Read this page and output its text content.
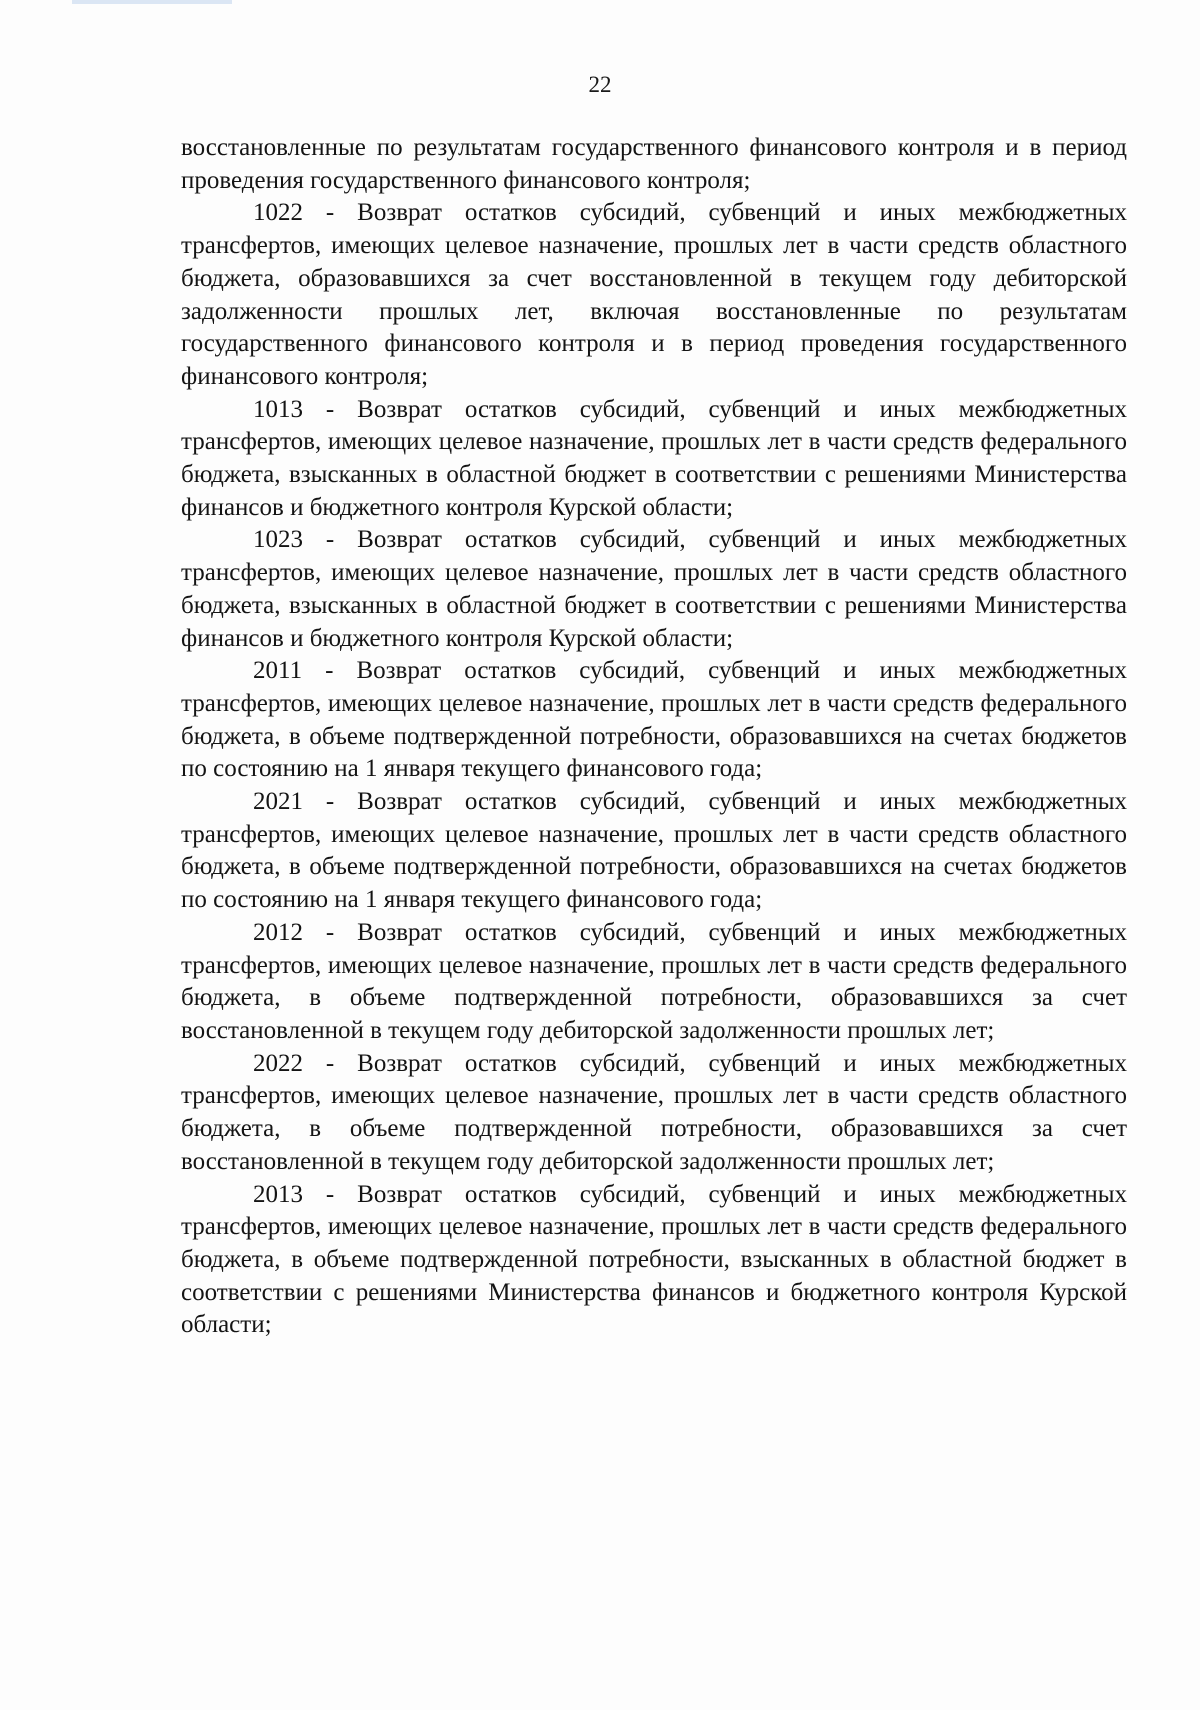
22

восстановленные по результатам государственного финансового контроля и в период проведения государственного финансового контроля;

1022 - Возврат остатков субсидий, субвенций и иных межбюджетных трансфертов, имеющих целевое назначение, прошлых лет в части средств областного бюджета, образовавшихся за счет восстановленной в текущем году дебиторской задолженности прошлых лет, включая восстановленные по результатам государственного финансового контроля и в период проведения государственного финансового контроля;

1013 - Возврат остатков субсидий, субвенций и иных межбюджетных трансфертов, имеющих целевое назначение, прошлых лет в части средств федерального бюджета, взысканных в областной бюджет в соответствии с решениями Министерства финансов и бюджетного контроля Курской области;

1023 - Возврат остатков субсидий, субвенций и иных межбюджетных трансфертов, имеющих целевое назначение, прошлых лет в части средств областного бюджета, взысканных в областной бюджет в соответствии с решениями Министерства финансов и бюджетного контроля Курской области;

2011 - Возврат остатков субсидий, субвенций и иных межбюджетных трансфертов, имеющих целевое назначение, прошлых лет в части средств федерального бюджета, в объеме подтвержденной потребности, образовавшихся на счетах бюджетов по состоянию на 1 января текущего финансового года;

2021 - Возврат остатков субсидий, субвенций и иных межбюджетных трансфертов, имеющих целевое назначение, прошлых лет в части средств областного бюджета, в объеме подтвержденной потребности, образовавшихся на счетах бюджетов по состоянию на 1 января текущего финансового года;

2012 - Возврат остатков субсидий, субвенций и иных межбюджетных трансфертов, имеющих целевое назначение, прошлых лет в части средств федерального бюджета, в объеме подтвержденной потребности, образовавшихся за счет восстановленной в текущем году дебиторской задолженности прошлых лет;

2022 - Возврат остатков субсидий, субвенций и иных межбюджетных трансфертов, имеющих целевое назначение, прошлых лет в части средств областного бюджета, в объеме подтвержденной потребности, образовавшихся за счет восстановленной в текущем году дебиторской задолженности прошлых лет;

2013 - Возврат остатков субсидий, субвенций и иных межбюджетных трансфертов, имеющих целевое назначение, прошлых лет в части средств федерального бюджета, в объеме подтвержденной потребности, взысканных в областной бюджет в соответствии с решениями Министерства финансов и бюджетного контроля Курской области;
